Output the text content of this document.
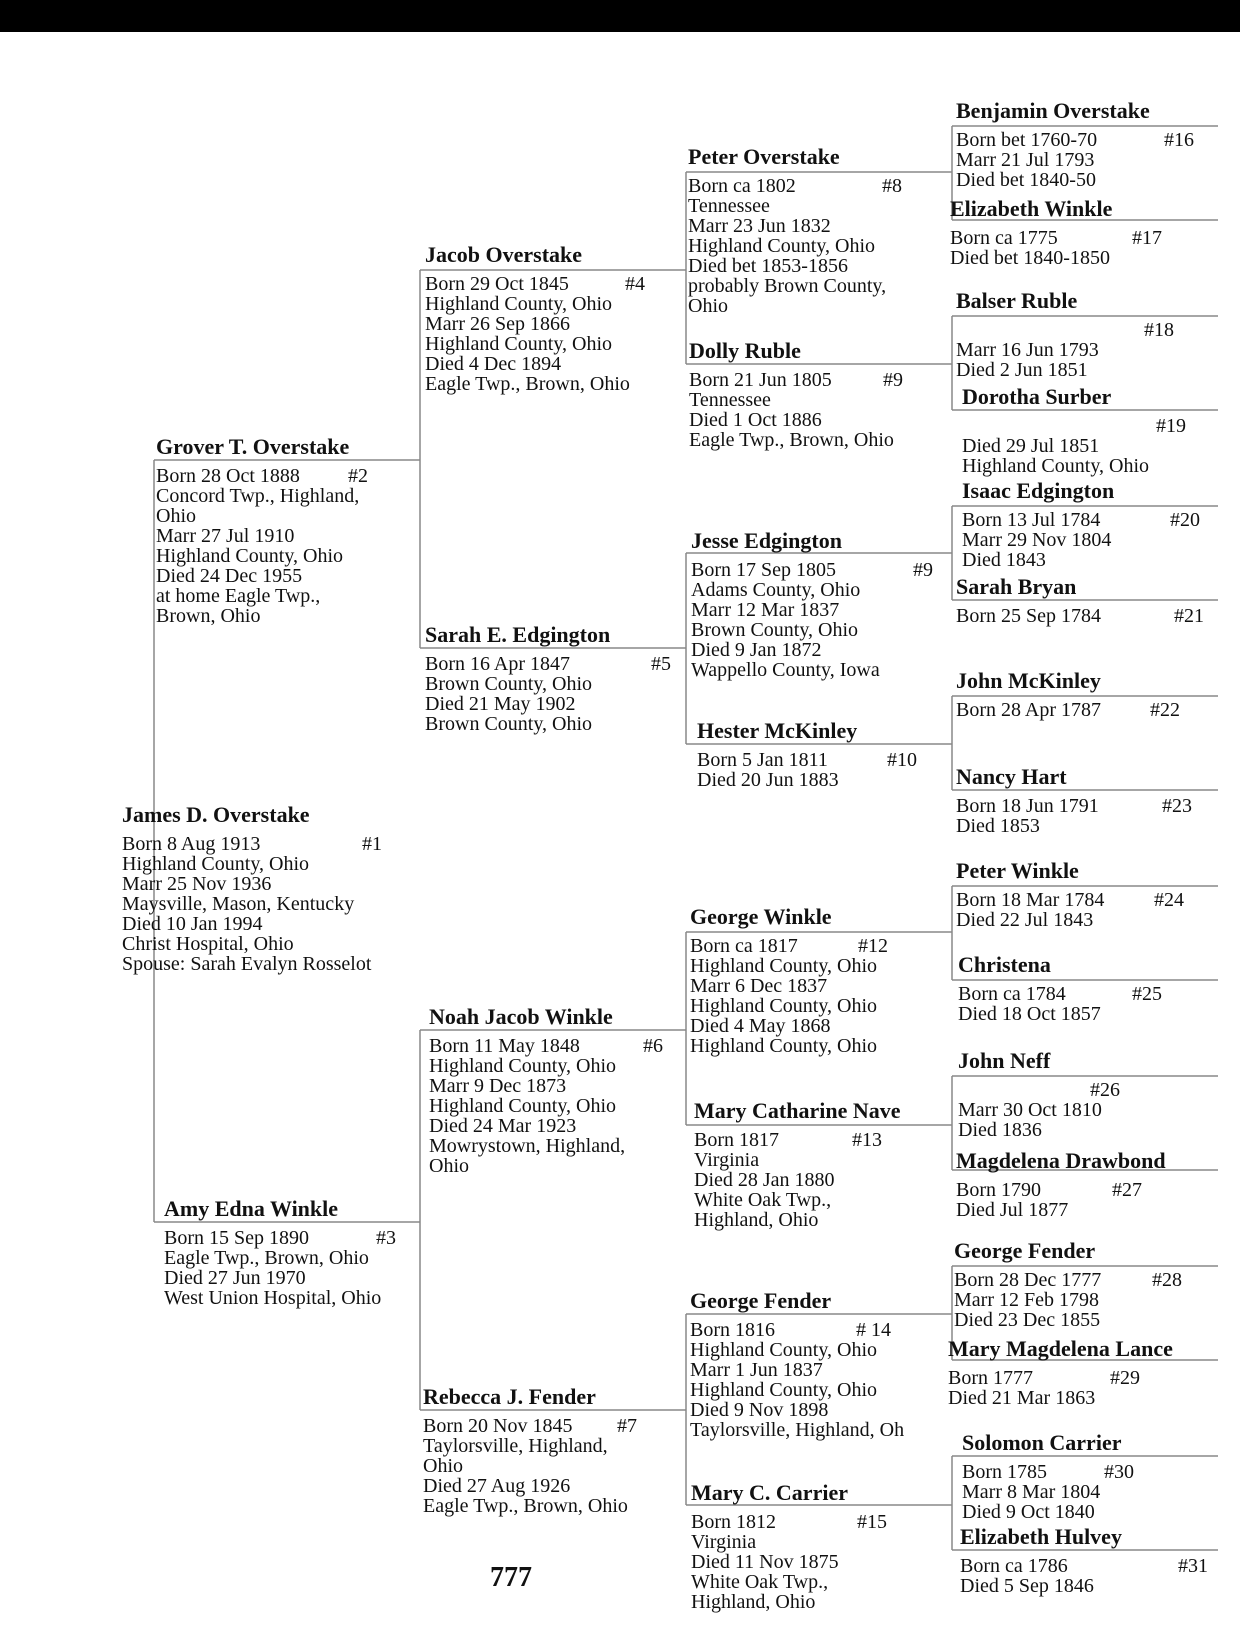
James D. Overstake
#1
Born 8 Aug 1913
Highland County, Ohio
Marr 25 Nov 1936
Maysville, Mason, Kentucky
Died 10 Jan 1994
Christ Hospital, Ohio
Spouse: Sarah Evalyn Rosselot
Grover T. Overstake
#2
Born 28 Oct 1888
Concord Twp., Highland,
Ohio
Marr 27 Jul 1910
Highland County, Ohio
Died 24 Dec 1955
at home Eagle Twp.,
Brown, Ohio
Amy Edna Winkle
#3
Born 15 Sep 1890
Eagle Twp., Brown, Ohio
Died 27 Jun 1970
West Union Hospital, Ohio
Jacob Overstake
#4
Born 29 Oct 1845
Highland County, Ohio
Marr 26 Sep 1866
Highland County, Ohio
Died 4 Dec 1894
Eagle Twp., Brown, Ohio
Sarah E. Edgington
#5
Born 16 Apr 1847
Brown County, Ohio
Died 21 May 1902
Brown County, Ohio
Noah Jacob Winkle
#6
Born 11 May 1848
Highland County, Ohio
Marr 9 Dec 1873
Highland County, Ohio
Died 24 Mar 1923
Mowrystown, Highland,
Ohio
Rebecca J. Fender
#7
Born 20 Nov 1845
Taylorsville, Highland,
Ohio
Died 27 Aug 1926
Eagle Twp., Brown, Ohio
Peter Overstake
#8
Born ca 1802
Tennessee
Marr 23 Jun 1832
Highland County, Ohio
Died bet 1853-1856
probably Brown County,
Ohio
Dolly Ruble
#9
Born 21 Jun 1805
Tennessee
Died 1 Oct 1886
Eagle Twp., Brown, Ohio
Jesse Edgington
#9
Born 17 Sep 1805
Adams County, Ohio
Marr 12 Mar 1837
Brown County, Ohio
Died 9 Jan 1872
Wappello County, Iowa
Hester McKinley
#10
Born 5 Jan 1811
Died 20 Jun 1883
George Winkle
#12
Born ca 1817
Highland County, Ohio
Marr 6 Dec 1837
Highland County, Ohio
Died 4 May 1868
Highland County, Ohio
Mary Catharine Nave
#13
Born 1817
Virginia
Died 28 Jan 1880
White Oak Twp.,
Highland, Ohio
George Fender
# 14
Born 1816
Highland County, Ohio
Marr 1 Jun 1837
Highland County, Ohio
Died 9 Nov 1898
Taylorsville, Highland, Oh
Mary C. Carrier
#15
Born 1812
Virginia
Died 11 Nov 1875
White Oak Twp.,
Highland, Ohio
Benjamin Overstake
#16
Born bet 1760-70
Marr 21 Jul 1793
Died bet 1840-50
Elizabeth Winkle
#17
Born ca 1775
Died bet 1840-1850
Balser Ruble
#18

Marr 16 Jun 1793
Died 2 Jun 1851
Dorotha Surber
#19

Died 29 Jul 1851
Highland County, Ohio
Isaac Edgington
#20
Born 13 Jul 1784
Marr 29 Nov 1804
Died 1843
Sarah Bryan
#21
Born 25 Sep 1784
John McKinley
#22
Born 28 Apr 1787
Nancy Hart
#23
Born 18 Jun 1791
Died 1853
Peter Winkle
#24
Born 18 Mar 1784
Died 22 Jul 1843
Christena
#25
Born ca 1784
Died 18 Oct 1857
John Neff
#26

Marr 30 Oct 1810
Died 1836
Magdelena Drawbond
#27
Born 1790
Died Jul 1877
George Fender
#28
Born 28 Dec 1777
Marr 12 Feb 1798
Died 23 Dec 1855
Mary Magdelena Lance
#29
Born 1777
Died 21 Mar 1863
Solomon Carrier
#30
Born 1785
Marr 8 Mar 1804
Died 9 Oct 1840
Elizabeth Hulvey
#31
Born ca 1786
Died 5 Sep 1846
777
